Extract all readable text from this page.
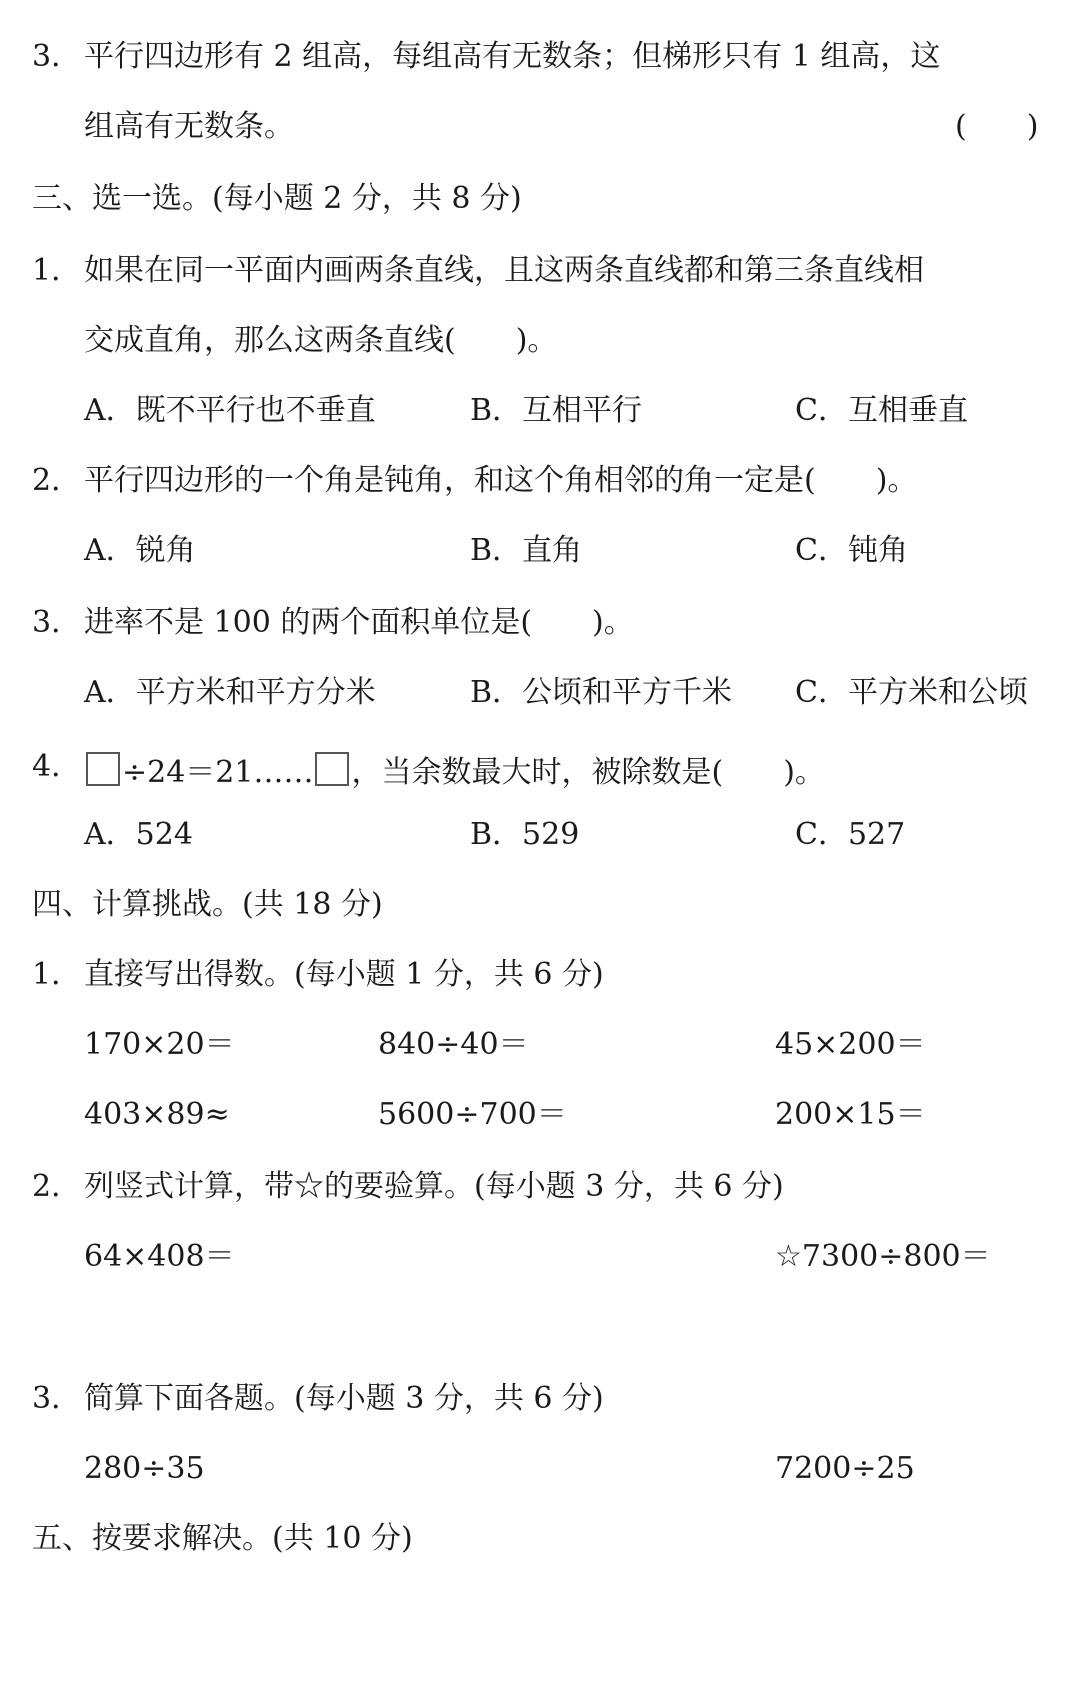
3． 平行四边形有 2 组高，每组高有无数条；但梯形只有 1 组高，这
组高有无数条。	(　　)
三、选一选。(每小题 2 分，共 8 分)
1． 如果在同一平面内画两条直线，且这两条直线都和第三条直线相
交成直角，那么这两条直线(　　)。
A．既不平行也不垂直	B．互相平行	C．互相垂直
2． 平行四边形的一个角是钝角，和这个角相邻的角一定是(　　)。
A．锐角	B．直角	C．钝角
3． 进率不是 100 的两个面积单位是(　　)。
A．平方米和平方分米	B．公顷和平方千米 C．平方米和公顷
4．	÷24＝21…… ，当余数最大时，被除数是(　　)。
A．524	B．529	C．527
四、计算挑战。(共 18 分)
1． 直接写出得数。(每小题 1 分，共 6 分)
170×20＝	840÷40＝	45×200＝
403×89≈	5600÷700＝	200×15＝
2． 列竖式计算，带☆的要验算。(每小题 3 分，共 6 分)
64×408＝	☆7300÷800＝
3． 简算下面各题。(每小题 3 分，共 6 分)
280÷35	7200÷25
五、按要求解决。(共 10 分)
